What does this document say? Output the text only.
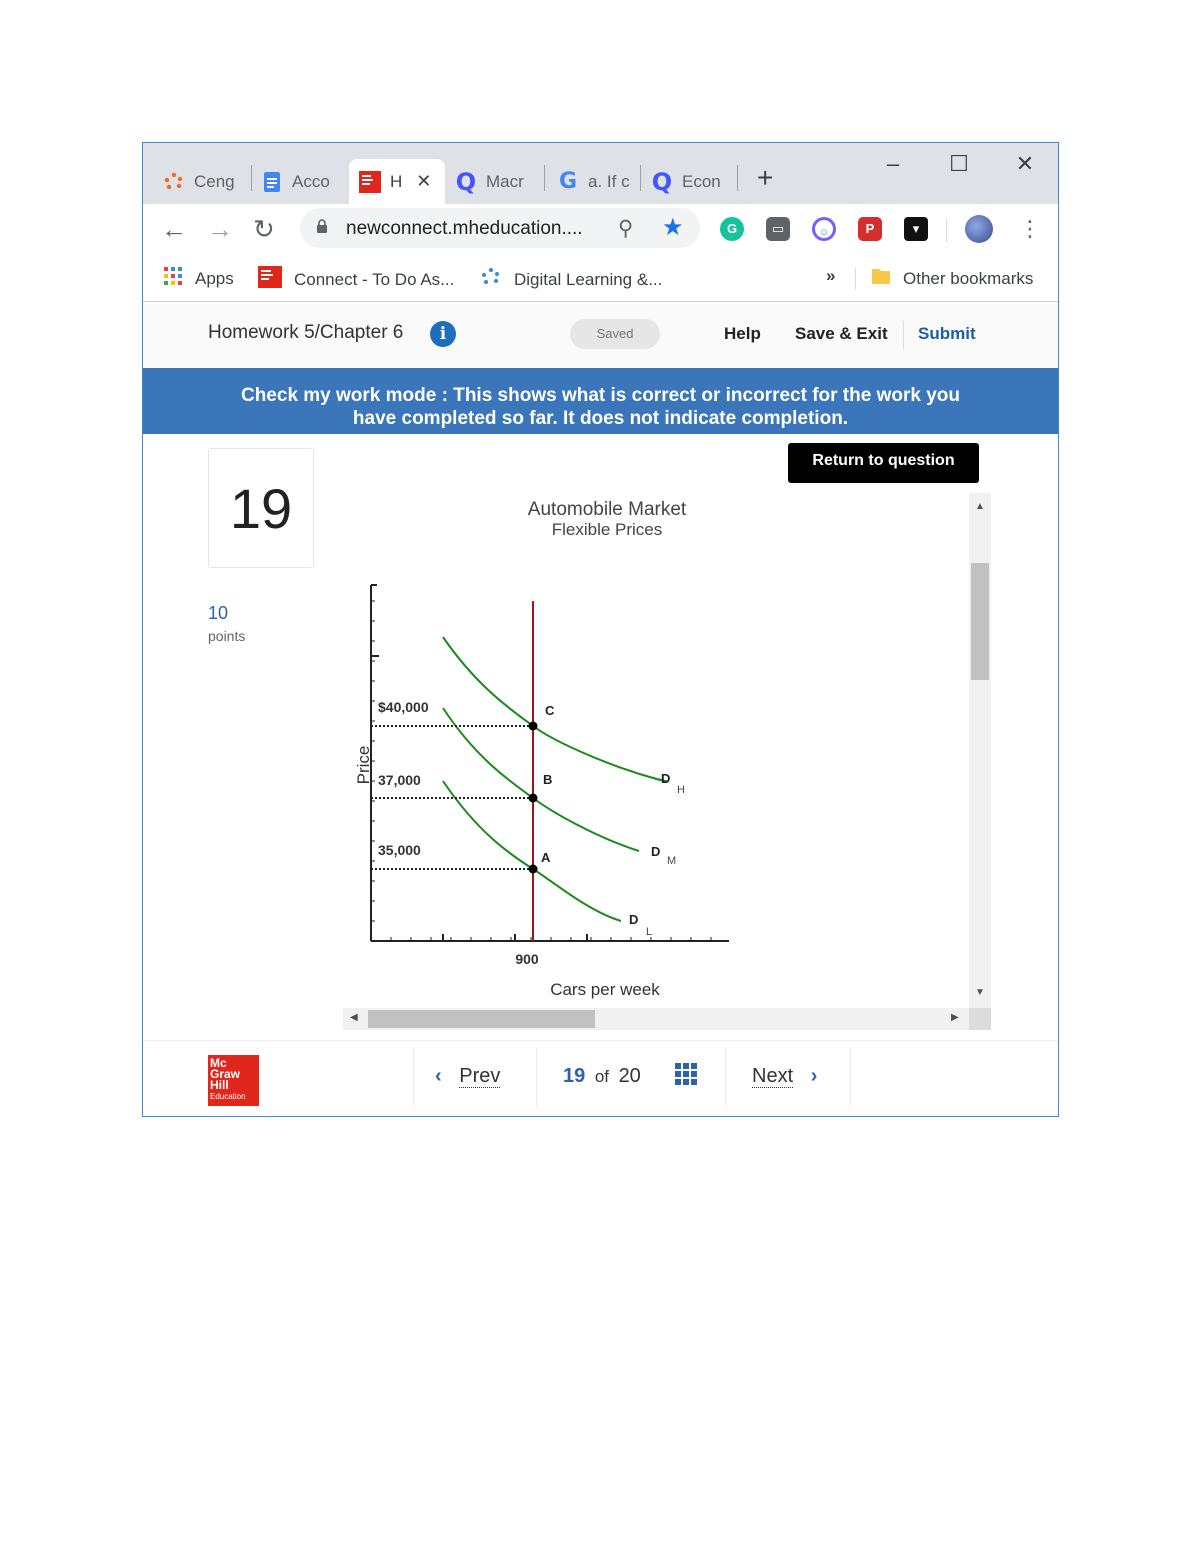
Ceng	Acco	H ✕ Q Macr G a. If c Q Econ +	–	☐	✕
← → ↻	newconnect.mheducation.... ⚲ ★	G	▭	○	P	▾	⋮
Apps	Connect - To Do As...	Digital Learning &...	»	Other bookmarks
Homework 5/Chapter 6	i	Saved	Help Save & Exit Submit
Check my work mode : This shows what is correct or incorrect for the work you
have completed so far. It does not indicate completion.
19
10
points
Return to question
Automobile Market
Flexible Prices
Price
Cars per week
D
H
D
M
D
L
C
B
A
$40,000
37,000
35,000
900
▲
▼
◀	▶
Mc
Graw
Hill
Education
‹ Prev	19 of 20	Next ›
